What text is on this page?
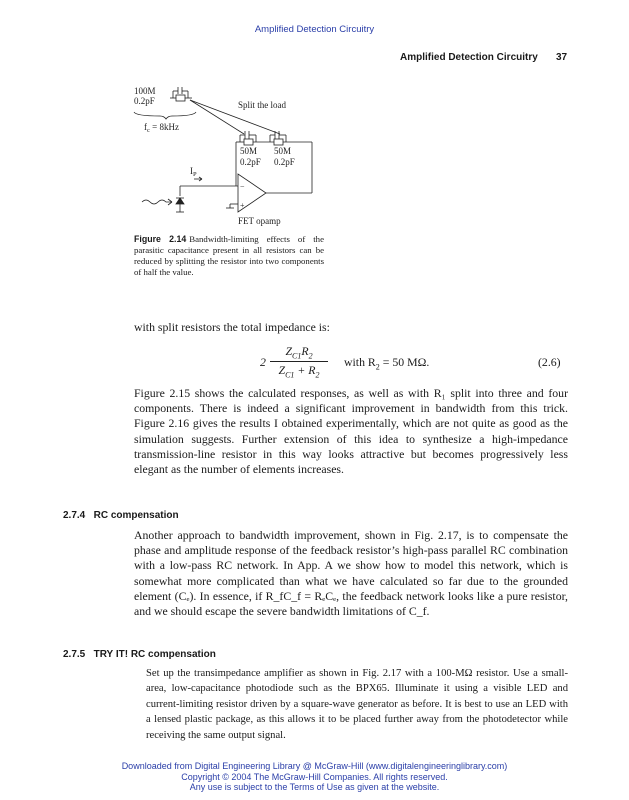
Amplified Detection Circuitry
Amplified Detection Circuitry 37
100M
0.2pF
$f_c = 8kHz$
Split the load
50M 50M
0.2pF 0.2pF
$I_P$
−
+
FET opamp
Figure 2.14 Bandwidth-limiting effects of the parasitic capacitance present in all resistors can be reduced by splitting the resistor into two components of half the value.
with split resistors the total impedance is:
2
$Z_{C1}R_2$
$Z_{C1} + R_2$
with $R_2 = 50$ MΩ.	(2.6)
Figure 2.15 shows the calculated responses, as well as with R₁ split into three and four components. There is indeed a significant improvement in bandwidth from this trick. Figure 2.16 gives the results I obtained experimentally, which are not quite as good as the simulation suggests. Further extension of this idea to synthesize a high-impedance transmission-line resistor in this way looks attractive but becomes progressively less elegant as the number of elements increases.
2.7.4 RC compensation
Another approach to bandwidth improvement, shown in Fig. 2.17, is to compensate the phase and amplitude response of the feedback resistor’s high-pass parallel RC combination with a low-pass RC network. In App. A we show how to model this network, which is somewhat more complicated than what we have calculated so far due to the grounded element (Cₑ). In essence, if R_fC_f = RₑCₑ, the feedback network looks like a pure resistor, and we should escape the severe bandwidth limitations of C_f.
2.7.5 TRY IT! RC compensation
Set up the transimpedance amplifier as shown in Fig. 2.17 with a 100-MΩ resistor. Use a small-area, low-capacitance photodiode such as the BPX65. Illuminate it using a visible LED and current-limiting resistor driven by a square-wave generator as before. It is best to use an LED with a lensed plastic package, as this allows it to be placed further away from the photodetector while receiving the same output signal.
Downloaded from Digital Engineering Library @ McGraw-Hill (www.digitalengineeringlibrary.com)
Copyright © 2004 The McGraw-Hill Companies. All rights reserved.
Any use is subject to the Terms of Use as given at the website.
